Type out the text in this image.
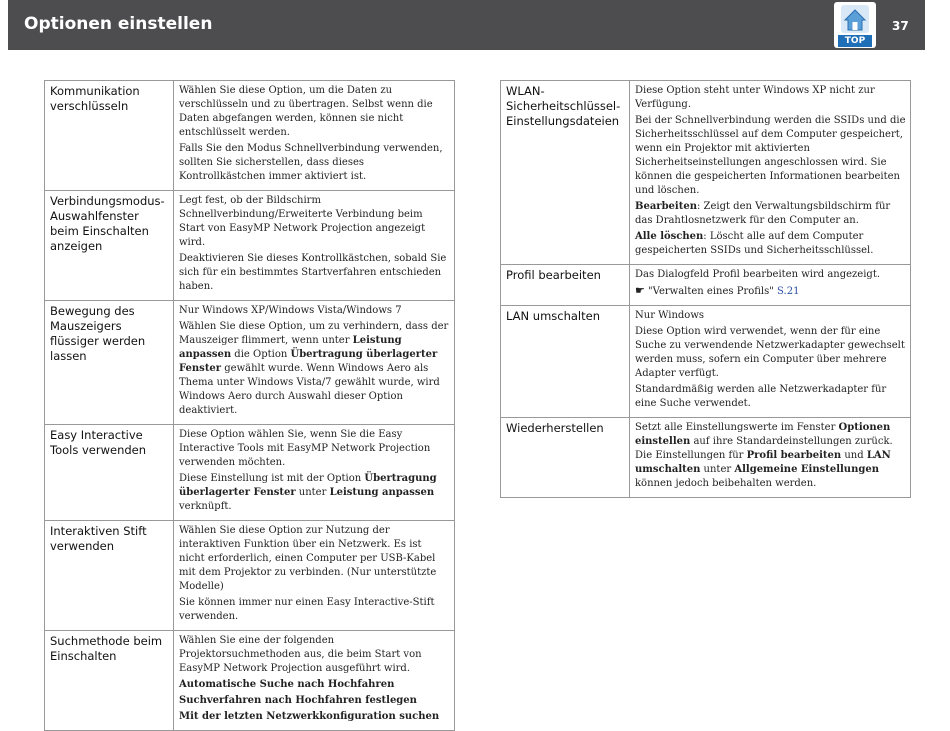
Optionen einstellen
TOP
37
Kommunikation verschlüsseln	Wählen Sie diese Option, um die Daten zu verschlüsseln und zu übertragen. Selbst wenn die Daten abgefangen werden, können sie nicht entschlüsselt werden.

Falls Sie den Modus Schnellverbindung verwenden, sollten Sie sicherstellen, dass dieses Kontrollkästchen immer aktiviert ist.

Verbindungsmodus-Auswahlfenster beim Einschalten anzeigen	Legt fest, ob der Bildschirm Schnellverbindung/Erweiterte Verbindung beim Start von EasyMP Network Projection angezeigt wird.

Deaktivieren Sie dieses Kontrollkästchen, sobald Sie sich für ein bestimmtes Startverfahren entschieden haben.

Bewegung des Mauszeigers flüssiger werden lassen	Nur Windows XP/Windows Vista/Windows 7

Wählen Sie diese Option, um zu verhindern, dass der Mauszeiger flimmert, wenn unter Leistung anpassen die Option Übertragung überlagerter Fenster gewählt wurde. Wenn Windows Aero als Thema unter Windows Vista/7 gewählt wurde, wird Windows Aero durch Auswahl dieser Option deaktiviert.

Easy Interactive Tools verwenden	Diese Option wählen Sie, wenn Sie die Easy Interactive Tools mit EasyMP Network Projection verwenden möchten.

Diese Einstellung ist mit der Option Übertragung überlagerter Fenster unter Leistung anpassen verknüpft.

Interaktiven Stift verwenden	Wählen Sie diese Option zur Nutzung der interaktiven Funktion über ein Netzwerk. Es ist nicht erforderlich, einen Computer per USB-Kabel mit dem Projektor zu verbinden. (Nur unterstützte Modelle)

Sie können immer nur einen Easy Interactive-Stift verwenden.

Suchmethode beim Einschalten	Wählen Sie eine der folgenden Projektorsuchmethoden aus, die beim Start von EasyMP Network Projection ausgeführt wird.

Automatische Suche nach Hochfahren

Suchverfahren nach Hochfahren festlegen

Mit der letzten Netzwerkkonfiguration suchen

WLAN-Sicherheitschlüssel-Einstellungsdateien	Diese Option steht unter Windows XP nicht zur Verfügung.

Bei der Schnellverbindung werden die SSIDs und die Sicherheitsschlüssel auf dem Computer gespeichert, wenn ein Projektor mit aktivierten Sicherheitseinstellungen angeschlossen wird. Sie können die gespeicherten Informationen bearbeiten und löschen.

Bearbeiten: Zeigt den Verwaltungsbildschirm für das Drahtlosnetzwerk für den Computer an.

Alle löschen: Löscht alle auf dem Computer gespeicherten SSIDs und Sicherheitsschlüssel.

Profil bearbeiten	Das Dialogfeld Profil bearbeiten wird angezeigt.

☛ "Verwalten eines Profils" S.21

LAN umschalten	Nur Windows

Diese Option wird verwendet, wenn der für eine Suche zu verwendende Netzwerkadapter gewechselt werden muss, sofern ein Computer über mehrere Adapter verfügt.

Standardmäßig werden alle Netzwerkadapter für eine Suche verwendet.

Wiederherstellen	Setzt alle Einstellungswerte im Fenster Optionen einstellen auf ihre Standardeinstellungen zurück. Die Einstellungen für Profil bearbeiten und LAN umschalten unter Allgemeine Einstellungen können jedoch beibehalten werden.
